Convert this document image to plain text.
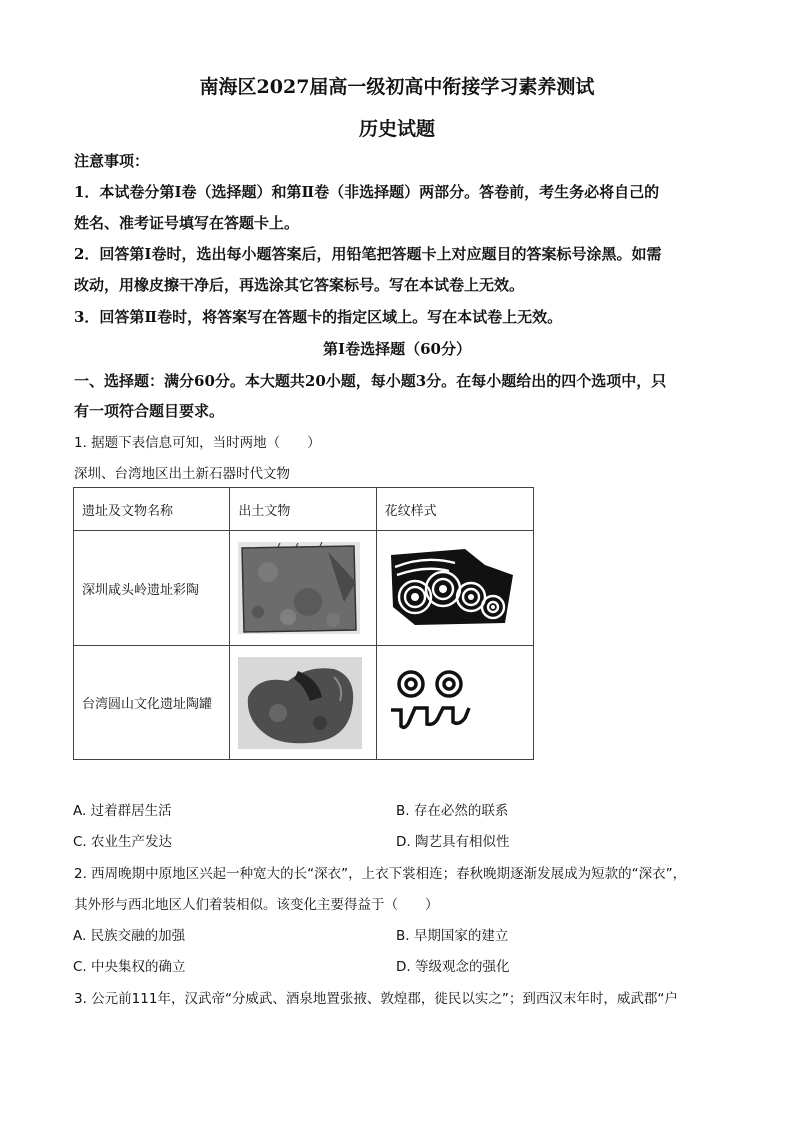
南海区2027届高一级初高中衔接学习素养测试
历史试题
注意事项：
1．本试卷分第Ⅰ卷（选择题）和第Ⅱ卷（非选择题）两部分。答卷前，考生务必将自己的
姓名、准考证号填写在答题卡上。
2．回答第Ⅰ卷时，选出每小题答案后，用铅笔把答题卡上对应题目的答案标号涂黑。如需
改动，用橡皮擦干净后，再选涂其它答案标号。写在本试卷上无效。
3．回答第Ⅱ卷时，将答案写在答题卡的指定区域上。写在本试卷上无效。
第Ⅰ卷选择题（60分）
一、选择题：满分60分。本大题共20小题，每小题3分。在每小题给出的四个选项中，只
有一项符合题目要求。
1. 据题下表信息可知，当时两地（　　）
深圳、台湾地区出土新石器时代文物
遗址及文物名称	出土文物	花纹样式
深圳咸头岭遗址彩陶	

台湾圆山文化遗址陶罐	

A. 过着群居生活	B. 存在必然的联系
C. 农业生产发达	D. 陶艺具有相似性
2. 西周晚期中原地区兴起一种宽大的长“深衣”，上衣下裳相连；春秋晚期逐渐发展成为短款的“深衣”，
其外形与西北地区人们着装相似。该变化主要得益于（　　）
A. 民族交融的加强	B. 早期国家的建立
C. 中央集权的确立	D. 等级观念的强化
3. 公元前111年，汉武帝“分威武、酒泉地置张掖、敦煌郡，徙民以实之”；到西汉末年时，威武郡“户
